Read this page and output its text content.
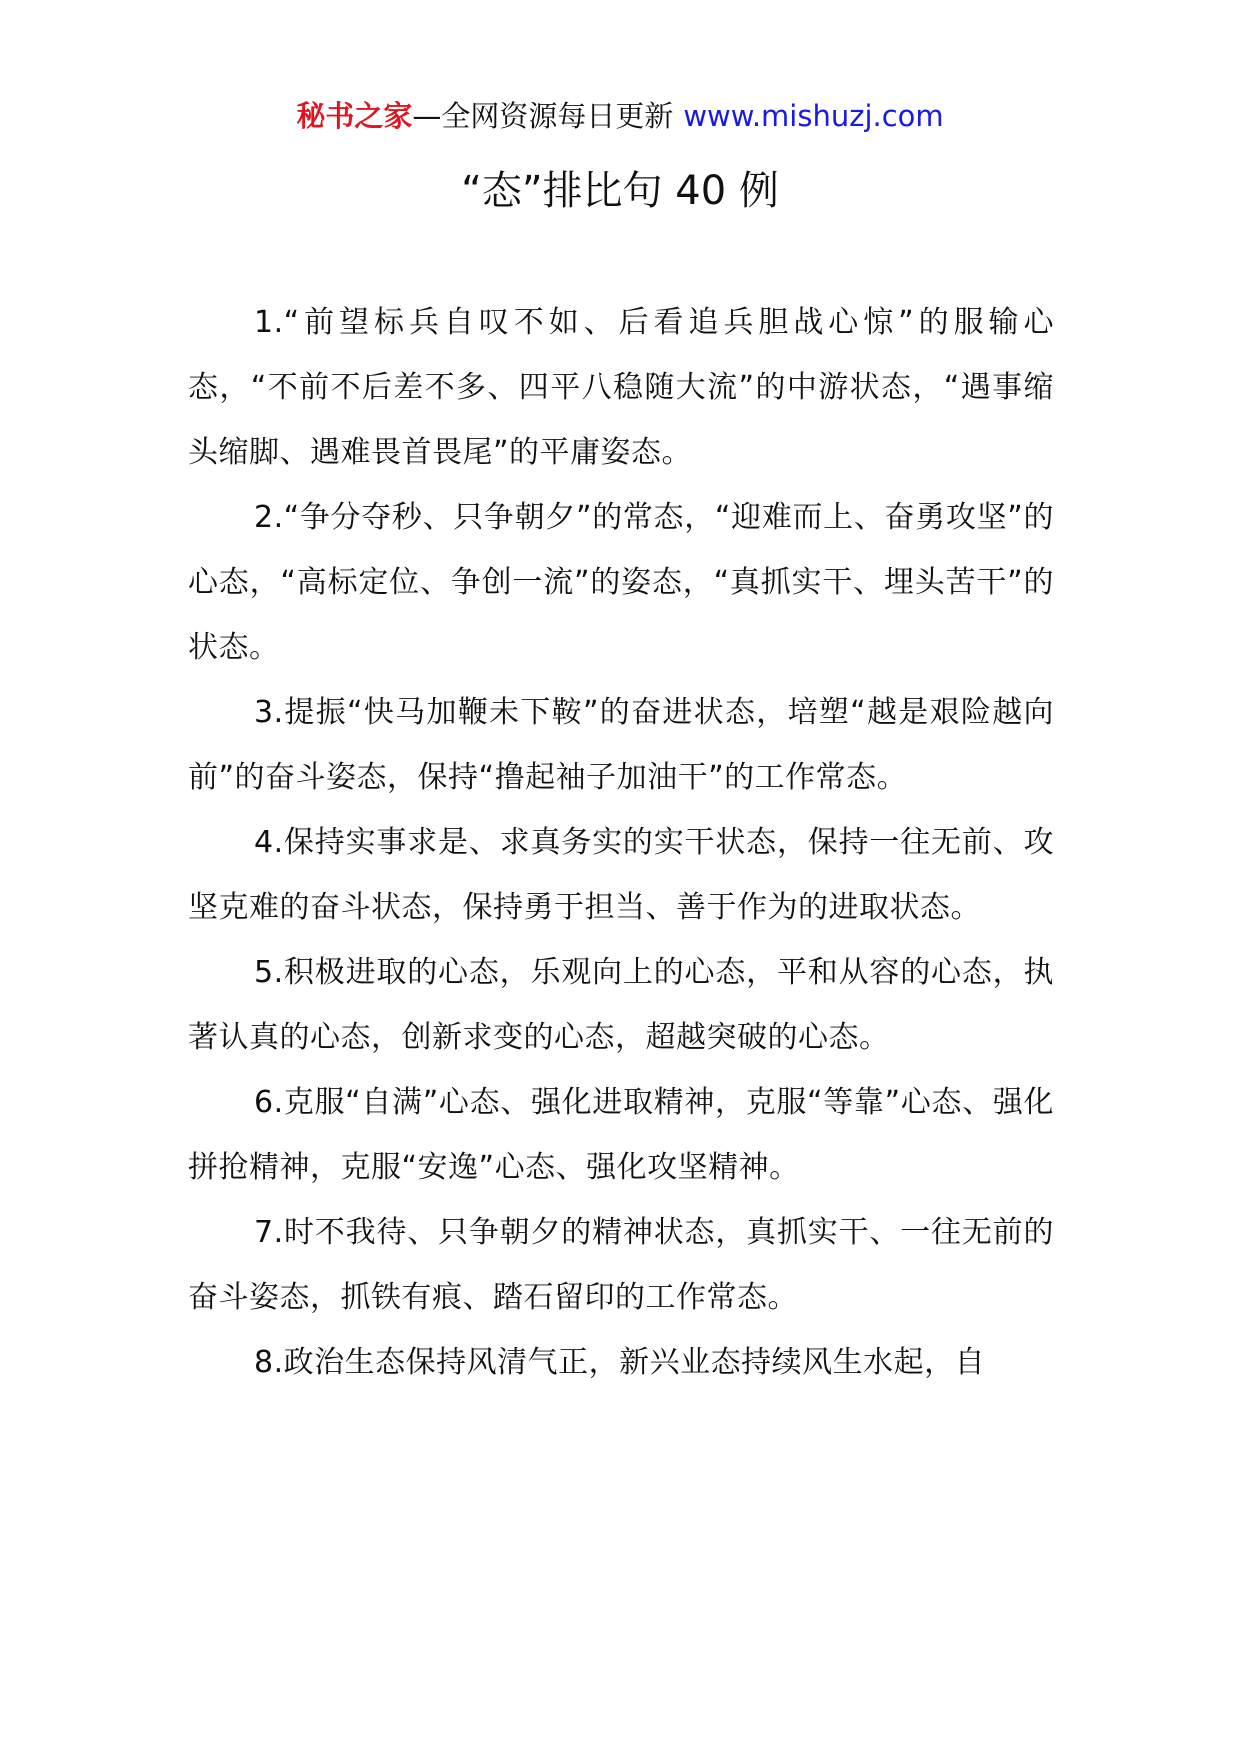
秘书之家—全网资源每日更新 www.mishuzj.com
“态”排比句 40 例

1.“前望标兵自叹不如、后看追兵胆战心惊”的服输心态，“不前不后差不多、四平八稳随大流”的中游状态，“遇事缩头缩脚、遇难畏首畏尾”的平庸姿态。

2.“争分夺秒、只争朝夕”的常态，“迎难而上、奋勇攻坚”的心态，“高标定位、争创一流”的姿态，“真抓实干、埋头苦干”的状态。

3.提振“快马加鞭未下鞍”的奋进状态，培塑“越是艰险越向前”的奋斗姿态，保持“撸起袖子加油干”的工作常态。

4.保持实事求是、求真务实的实干状态，保持一往无前、攻坚克难的奋斗状态，保持勇于担当、善于作为的进取状态。

5.积极进取的心态，乐观向上的心态，平和从容的心态，执著认真的心态，创新求变的心态，超越突破的心态。

6.克服“自满”心态、强化进取精神，克服“等靠”心态、强化拼抢精神，克服“安逸”心态、强化攻坚精神。

7.时不我待、只争朝夕的精神状态，真抓实干、一往无前的奋斗姿态，抓铁有痕、踏石留印的工作常态。

8.政治生态保持风清气正，新兴业态持续风生水起，自
